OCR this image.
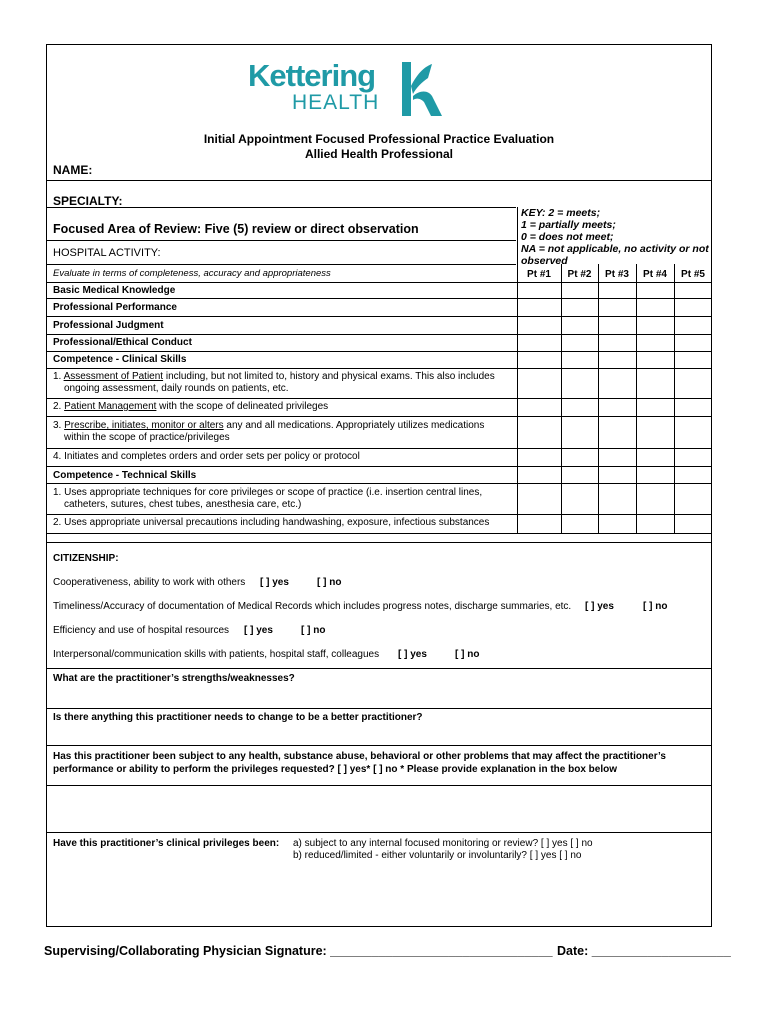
Kettering
HEALTH
Initial Appointment Focused Professional Practice Evaluation
Allied Health Professional
NAME:
SPECIALTY:
Focused Area of Review: Five (5) review or direct observation
HOSPITAL ACTIVITY:
Evaluate in terms of completeness, accuracy and appropriateness
KEY: 2 = meets;
1 = partially meets;
0 = does not meet;
NA = not applicable, no activity or not
observed
Pt #1	Pt #2	Pt #3	Pt #4	Pt #5
Basic Medical Knowledge
Professional Performance
Professional Judgment
Professional/Ethical Conduct
Competence - Clinical Skills
1. Assessment of Patient including, but not limited to, history and physical exams. This also includes
ongoing assessment, daily rounds on patients, etc.
2. Patient Management with the scope of delineated privileges
3. Prescribe, initiates, monitor or alters any and all medications. Appropriately utilizes medications
within the scope of practice/privileges
4. Initiates and completes orders and order sets per policy or protocol
Competence - Technical Skills
1. Uses appropriate techniques for core privileges or scope of practice (i.e. insertion central lines,
catheters, sutures, chest tubes, anesthesia care, etc.)
2. Uses appropriate universal precautions including handwashing, exposure, infectious substances
CITIZENSHIP:
Cooperativeness, ability to work with others [ ] yes	[ ] no
Timeliness/Accuracy of documentation of Medical Records which includes progress notes, discharge summaries, etc. [ ] yes	[ ] no
Efficiency and use of hospital resources [ ] yes	[ ] no
Interpersonal/communication skills with patients, hospital staff, colleagues [ ] yes	[ ] no
What are the practitioner’s strengths/weaknesses?
Is there anything this practitioner needs to change to be a better practitioner?
Has this practitioner been subject to any health, substance abuse, behavioral or other problems that may affect the practitioner’s
performance or ability to perform the privileges requested? [ ] yes* [ ] no * Please provide explanation in the box below
Have this practitioner’s clinical privileges been: a) subject to any internal focused monitoring or review? [ ] yes [ ] no
b) reduced/limited - either voluntarily or involuntarily? [ ] yes [ ] no
Supervising/Collaborating Physician Signature: ________________________________ Date: ____________________
